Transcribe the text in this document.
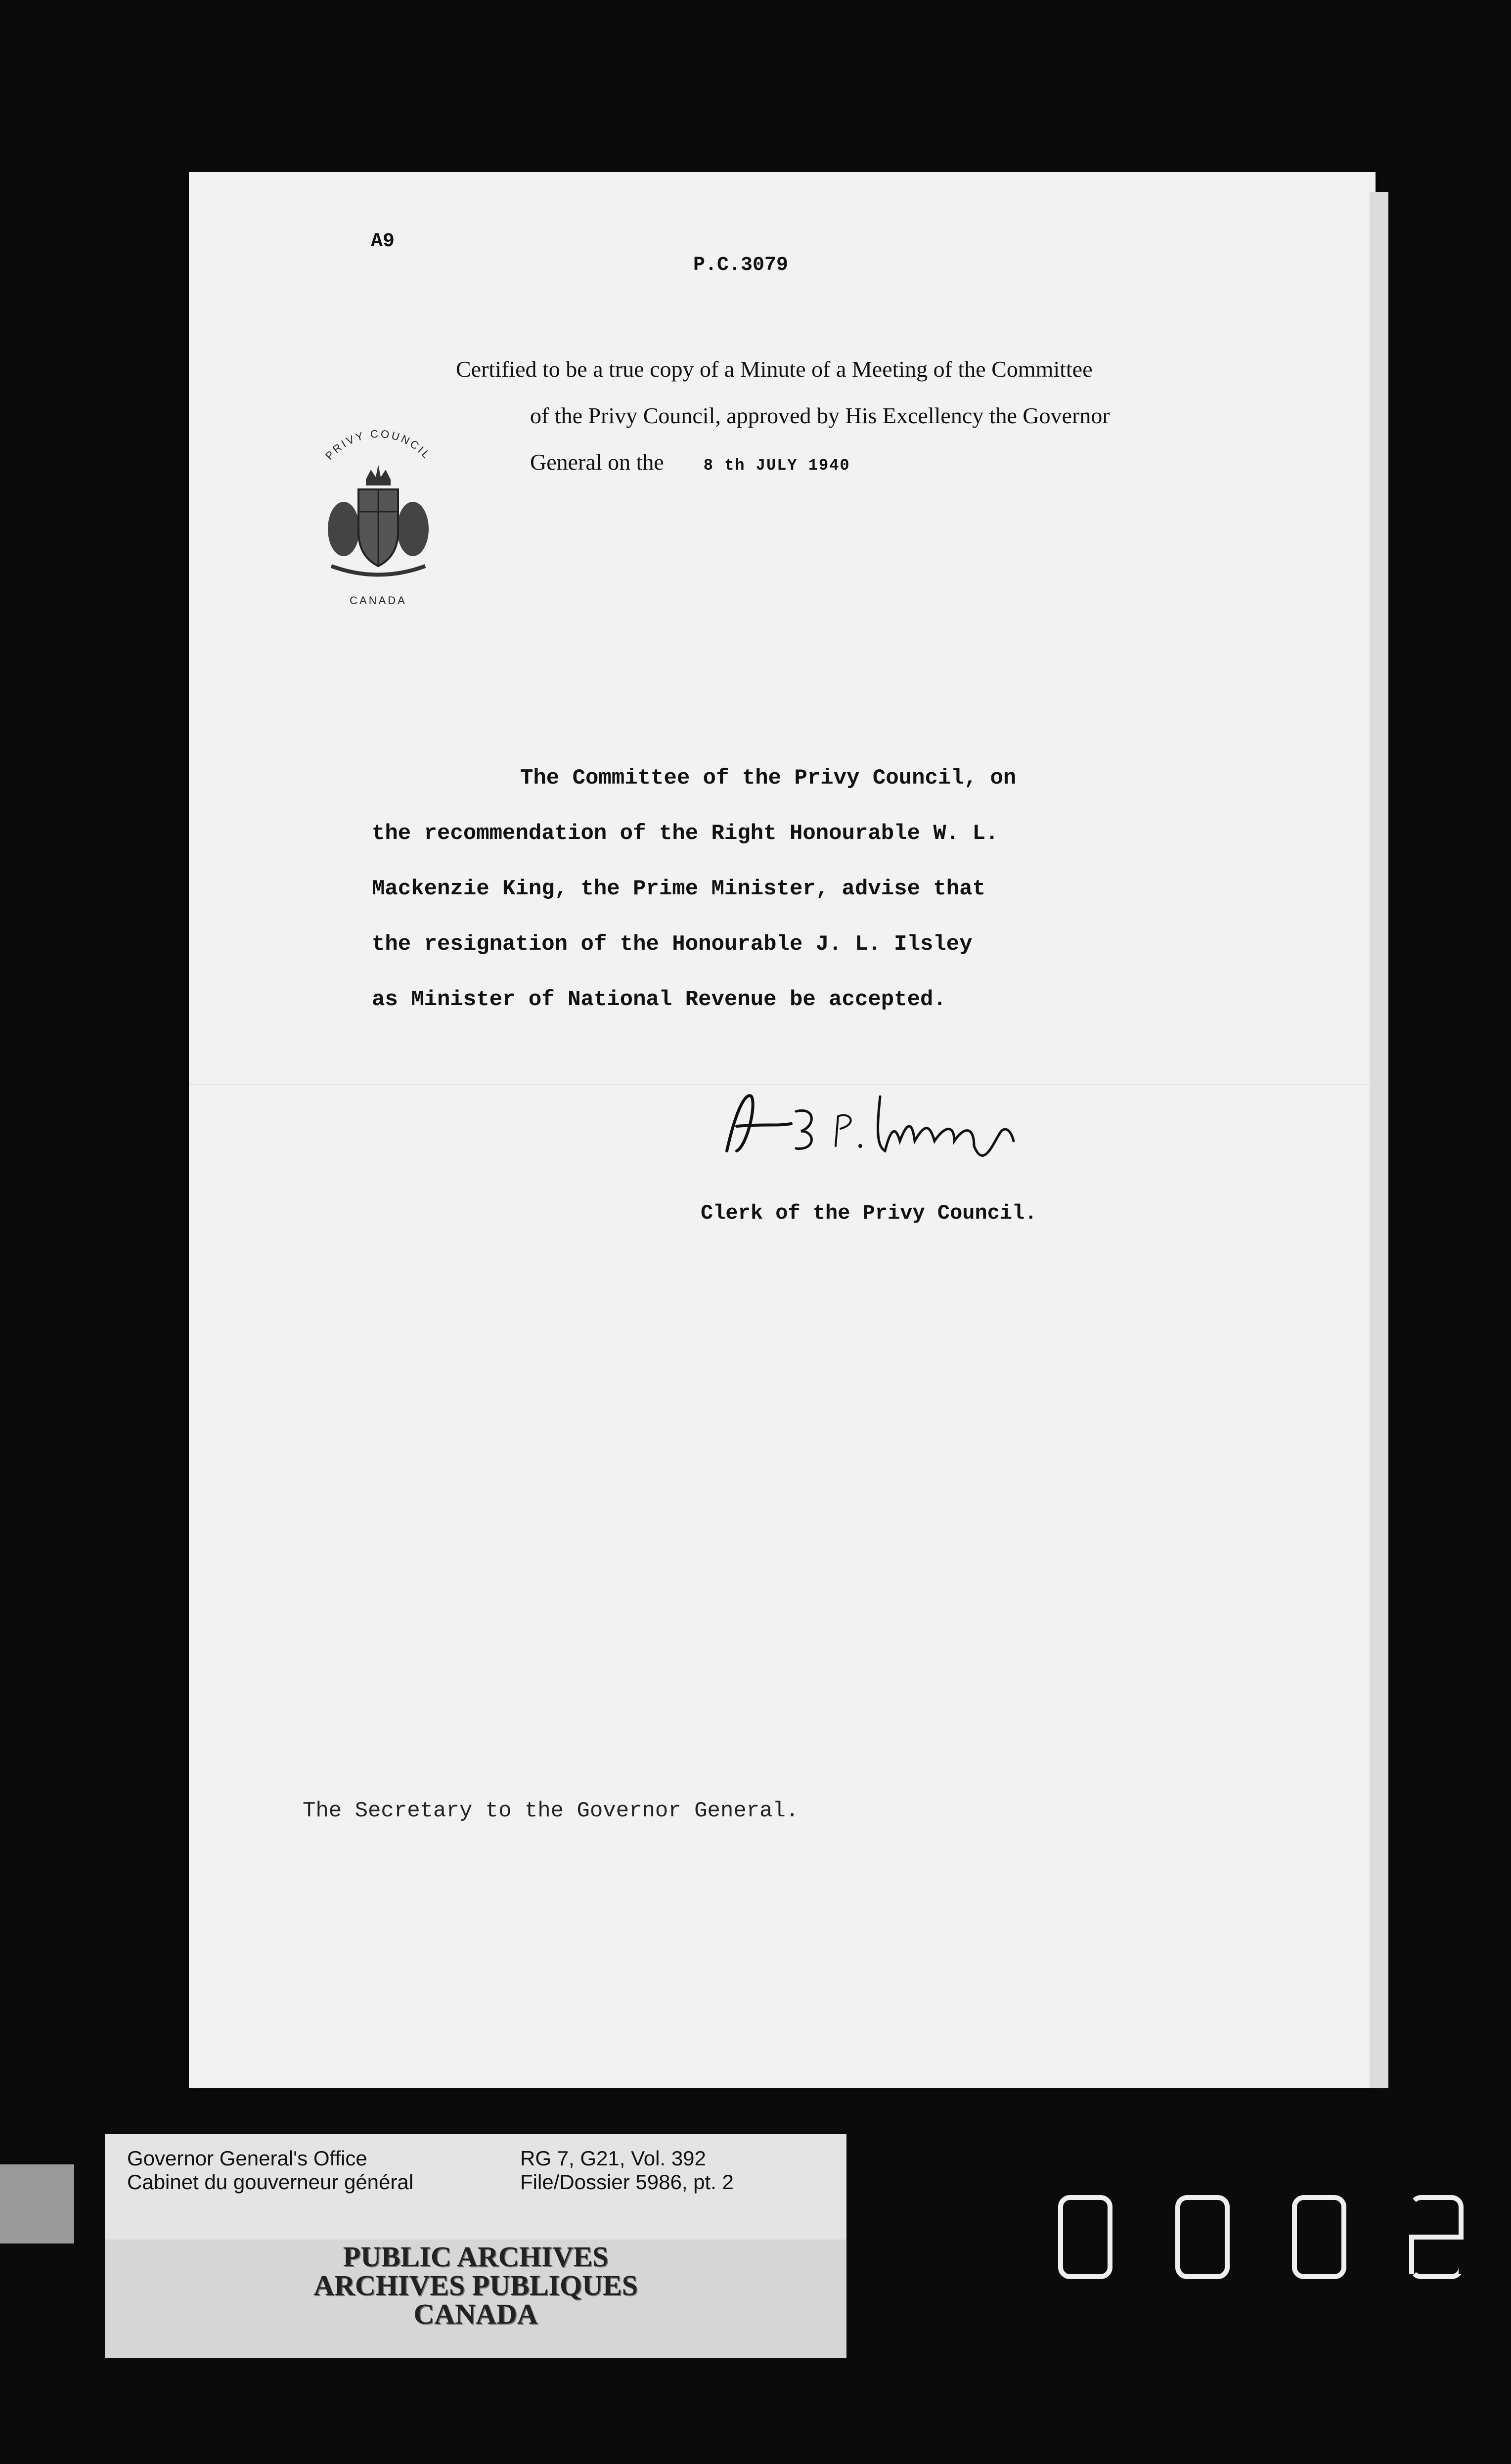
A9
P.C.3079
Certified to be a true copy of a Minute of a Meeting of the Committee
of the Privy Council, approved by His Excellency the Governor
General on the	8 th JULY 1940
PRIVY COUNCIL
CANADA
The Committee of the Privy Council, on
the recommendation of the Right Honourable W. L.
Mackenzie King, the Prime Minister, advise that
the resignation of the Honourable J. L. Ilsley
as Minister of National Revenue be accepted.
Clerk of the Privy Council.
The Secretary to the Governor General.
Governor General's Office
Cabinet du gouverneur général
RG 7, G21, Vol. 392
File/Dossier 5986, pt. 2
PUBLIC ARCHIVES
ARCHIVES PUBLIQUES
CANADA
